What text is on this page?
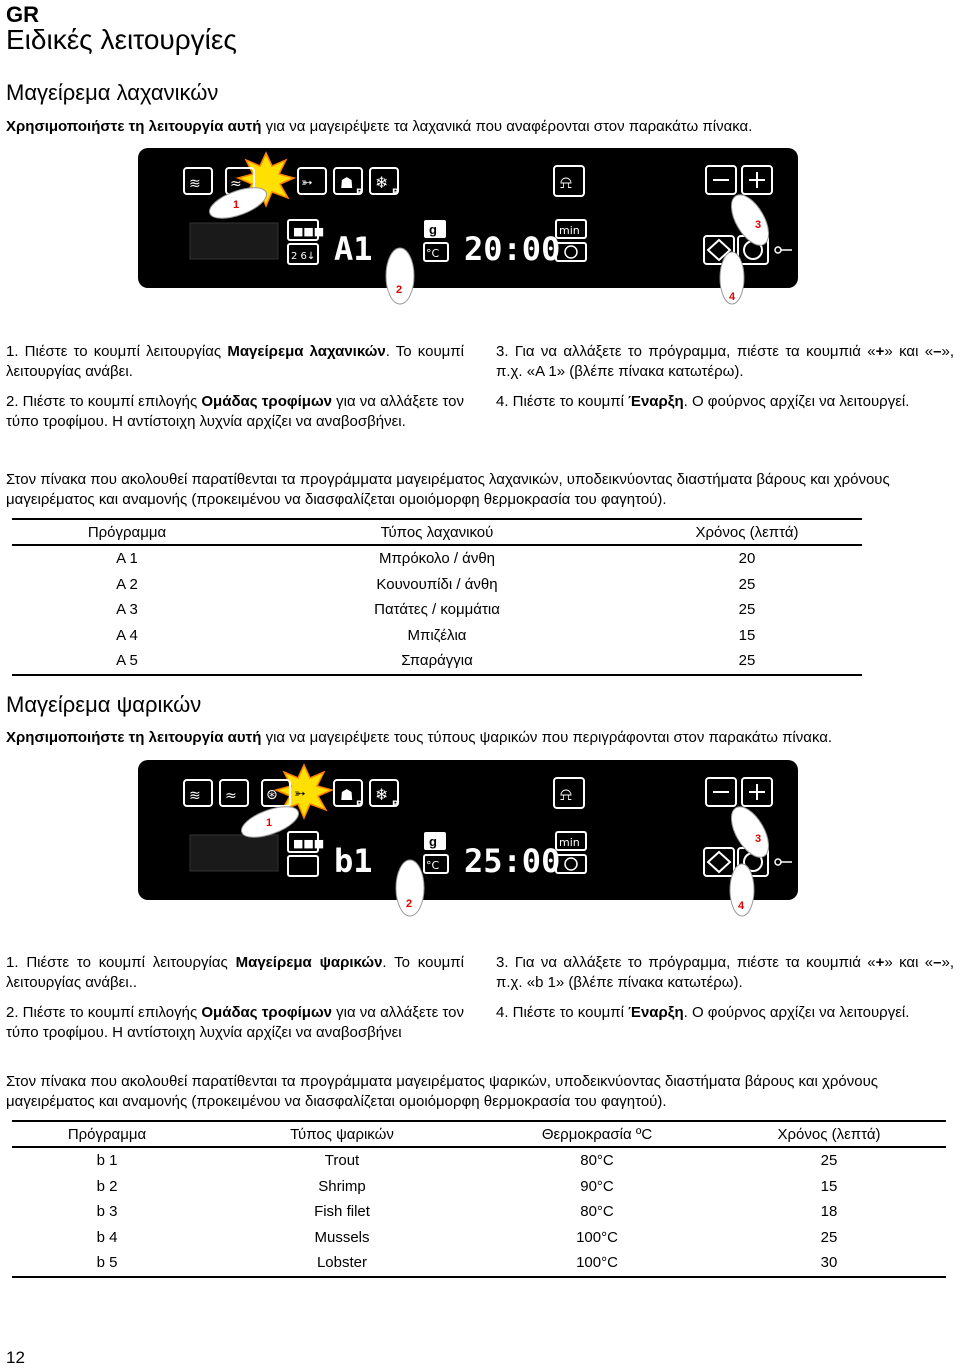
GR
Ειδικές λειτουργίες
Μαγείρεμα λαχανικών
Χρησιμοποιήστε τη λειτουργία αυτή για να μαγειρέψετε τα λαχανικά που αναφέρονται στον παρακάτω πίνακα.
≋ ≈	➳ ☗
P
❄
P	⍾
■■■
2 6↓ A1
g
°C 20:00
min
1
2
3
4

1. Πιέστε το κουμπί λειτουργίας Μαγείρεμα λαχανικών. Το κουμπί λειτουργίας ανάβει.

2. Πιέστε το κουμπί επιλογής Ομάδας τροφίμων για να αλλάξετε τον τύπο τροφίμου. Η αντίστοιχη λυχνία αρχίζει να αναβοσβήνει.

3. Για να αλλάξετε το πρόγραμμα, πιέστε τα κουμπιά «+» και «–», π.χ. «A 1» (βλέπε πίνακα κατωτέρω).

4. Πιέστε το κουμπί Έναρξη. Ο φούρνος αρχίζει να λειτουργεί.

Στον πίνακα που ακολουθεί παρατίθενται τα προγράμματα μαγειρέματος λαχανικών, υποδεικνύοντας διαστήματα βάρους και χρόνους μαγειρέματος και αναμονής (προκειμένου να διασφαλίζεται ομοιόμορφη θερμοκρασία του φαγητού).
Πρόγραμμα	Τύπος λαχανικού	Χρόνος (λεπτά)
A 1	Μπρόκολο / άνθη	20
A 2	Κουνουπίδι / άνθη	25
A 3	Πατάτες / κομμάτια	25
A 4	Μπιζέλια	15
A 5	Σπαράγγια	25
Μαγείρεμα ψαρικών
Χρησιμοποιήστε τη λειτουργία αυτή για να μαγειρέψετε τους τύπους ψαρικών που περιγράφονται στον παρακάτω πίνακα.
≋ ≈ ⊛ ➳ ☗
P
❄
P	⍾
■■■ b1
g
°C 25:00
min
1
2
3
4

1. Πιέστε το κουμπί λειτουργίας Μαγείρεμα ψαρικών. Το κουμπί λειτουργίας ανάβει..

2. Πιέστε το κουμπί επιλογής Ομάδας τροφίμων για να αλλάξετε τον τύπο τροφίμου. Η αντίστοιχη λυχνία αρχίζει να αναβοσβήνει

3. Για να αλλάξετε το πρόγραμμα, πιέστε τα κουμπιά «+» και «–», π.χ. «b 1» (βλέπε πίνακα κατωτέρω).

4. Πιέστε το κουμπί Έναρξη. Ο φούρνος αρχίζει να λειτουργεί.

Στον πίνακα που ακολουθεί παρατίθενται τα προγράμματα μαγειρέματος ψαρικών, υποδεικνύοντας διαστήματα βάρους και χρόνους μαγειρέματος και αναμονής (προκειμένου να διασφαλίζεται ομοιόμορφη θερμοκρασία του φαγητού).
Πρόγραμμα	Τύπος ψαρικών	Θερμοκρασία ºC	Χρόνος (λεπτά)
b 1	Trout	80°C	25
b 2	Shrimp	90°C	15
b 3	Fish filet	80°C	18
b 4	Mussels	100°C	25
b 5	Lobster	100°C	30
12
